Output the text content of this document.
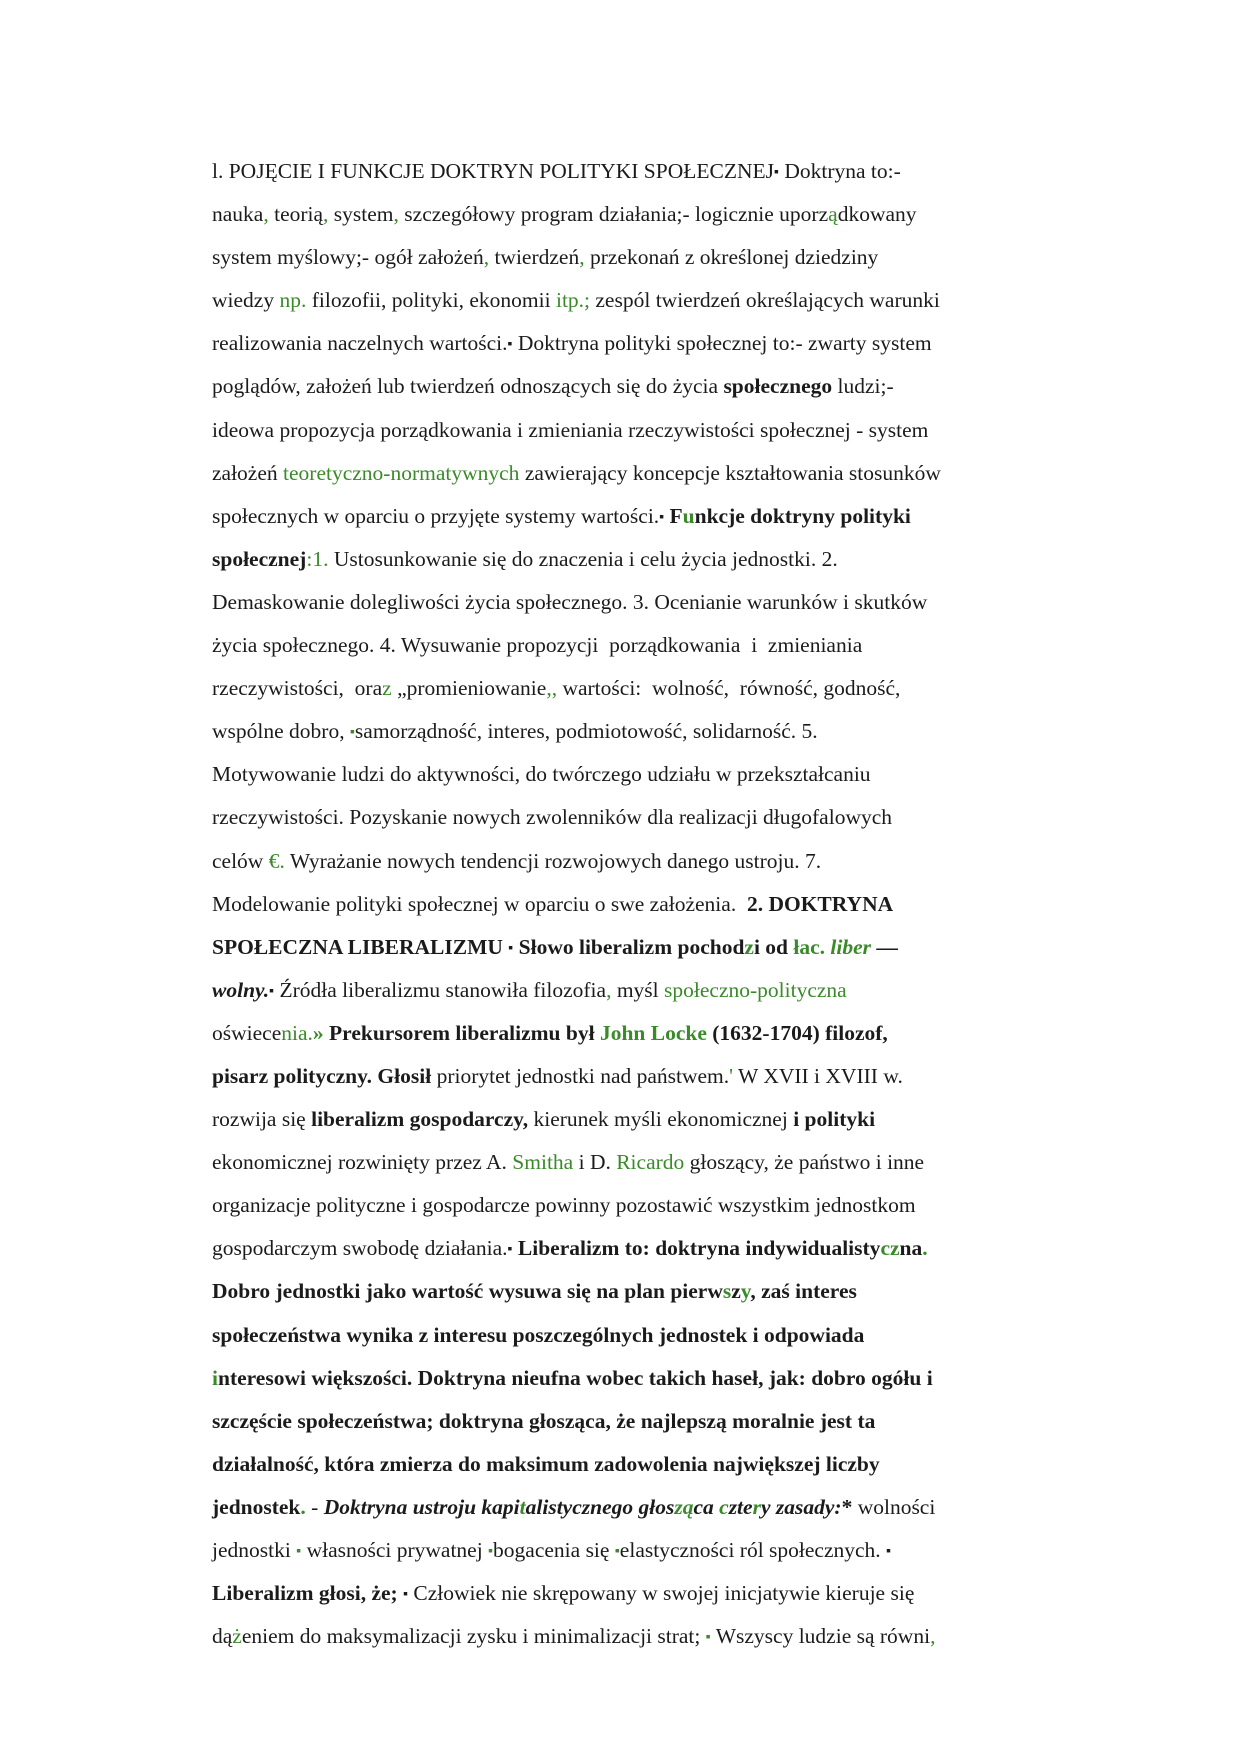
l. POJĘCIE I FUNKCJE DOKTRYN POLITYKI SPOŁECZNEJ▪ Doktryna to:-
nauka, teorią, system, szczegółowy program działania;- logicznie uporządkowany
system myślowy;- ogół założeń, twierdzeń, przekonań z określonej dziedziny
wiedzy np. filozofii, polityki, ekonomii itp.; zespól twierdzeń określających warunki
realizowania naczelnych wartości.▪ Doktryna polityki społecznej to:- zwarty system
poglądów, założeń lub twierdzeń odnoszących się do życia społecznego ludzi;-
ideowa propozycja porządkowania i zmieniania rzeczywistości społecznej - system
założeń teoretyczno-normatywnych zawierający koncepcje kształtowania stosunków
społecznych w oparciu o przyjęte systemy wartości.▪ Funkcje doktryny polityki
społecznej:1. Ustosunkowanie się do znaczenia i celu życia jednostki. 2.
Demaskowanie dolegliwości życia społecznego. 3. Ocenianie warunków i skutków
życia społecznego. 4. Wysuwanie propozycji  porządkowania  i  zmieniania
rzeczywistości,  oraz „promieniowanie,, wartości:  wolność,  równość, godność,
wspólne dobro, ▪samorządność, interes, podmiotowość, solidarność. 5.
Motywowanie ludzi do aktywności, do twórczego udziału w przekształcaniu
rzeczywistości. Pozyskanie nowych zwolenników dla realizacji długofalowych
celów €. Wyrażanie nowych tendencji rozwojowych danego ustroju. 7.
Modelowanie polityki społecznej w oparciu o swe założenia.  2. DOKTRYNA
SPOŁECZNA LIBERALIZMU ▪ Słowo liberalizm pochodzi od łac. liber —
wolny.▪ Źródła liberalizmu stanowiła filozofia, myśl społeczno-polityczna
oświecenia.» Prekursorem liberalizmu był John Locke (1632-1704) filozof,
pisarz polityczny. Głosił priorytet jednostki nad państwem.' W XVII i XVIII w.
rozwija się liberalizm gospodarczy, kierunek myśli ekonomicznej i polityki
ekonomicznej rozwinięty przez A. Smitha i D. Ricardo głoszący, że państwo i inne
organizacje polityczne i gospodarcze powinny pozostawić wszystkim jednostkom
gospodarczym swobodę działania.▪ Liberalizm to: doktryna indywidualistyczna.
Dobro jednostki jako wartość wysuwa się na plan pierwszy, zaś interes
społeczeństwa wynika z interesu poszczególnych jednostek i odpowiada
interesowi większości. Doktryna nieufna wobec takich haseł, jak: dobro ogółu i
szczęście społeczeństwa; doktryna głosząca, że najlepszą moralnie jest ta
działalność, która zmierza do maksimum zadowolenia największej liczby
jednostek. - Doktryna ustroju kapitalistycznego głosząca cztery zasady:* wolności
jednostki ▪ własności prywatnej ▪bogacenia się ▪elastyczności ról społecznych. ▪
Liberalizm głosi, że; ▪ Człowiek nie skrępowany w swojej inicjatywie kieruje się
dążeniem do maksymalizacji zysku i minimalizacji strat; ▪ Wszyscy ludzie są równi,
